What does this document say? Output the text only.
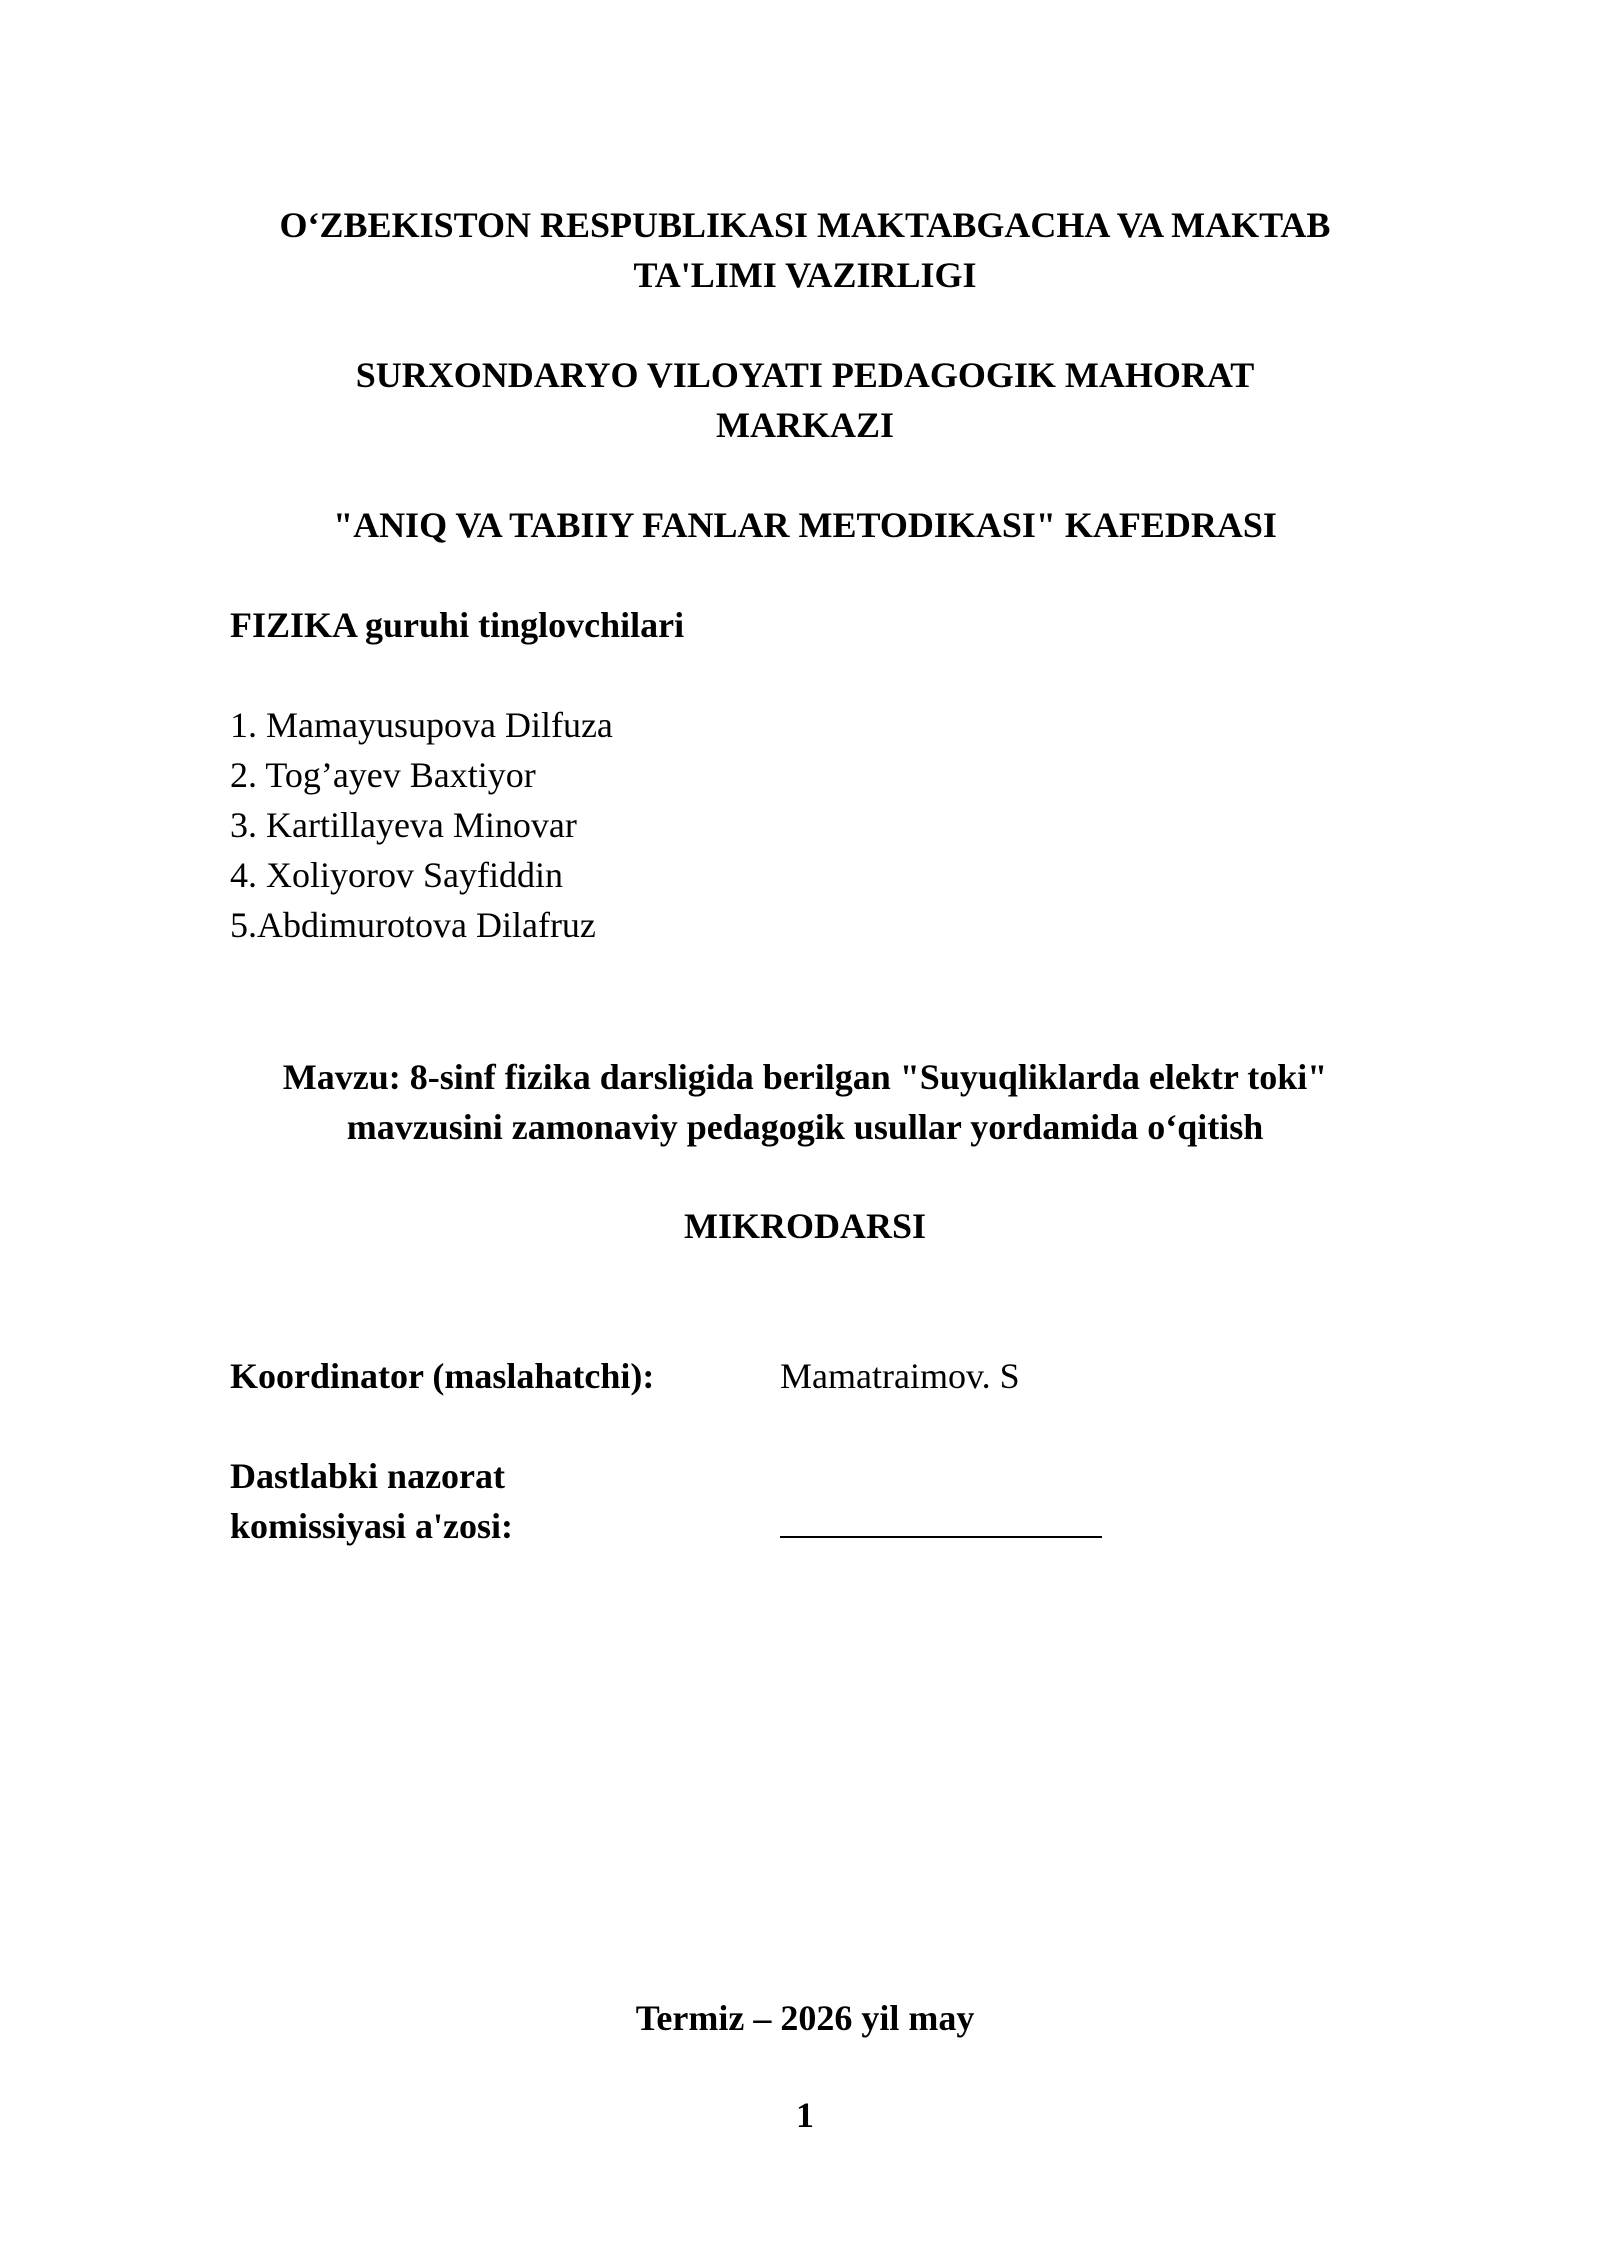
O‘ZBEKISTON RESPUBLIKASI MAKTABGACHA VA MAKTAB

TA'LIMI VAZIRLIGI

SURXONDARYO VILOYATI PEDAGOGIK MAHORAT

MARKAZI

"ANIQ VA TABIIY FANLAR METODIKASI" KAFEDRASI

FIZIKA guruhi tinglovchilari

1. Mamayusupova Dilfuza
2. Tog’ayev Baxtiyor
3. Kartillayeva Minovar
4. Xoliyorov Sayfiddin
5.Abdimurotova Dilafruz

Mavzu: 8-sinf fizika darsligida berilgan "Suyuqliklarda elektr toki"

mavzusini zamonaviy pedagogik usullar yordamida o‘qitish

MIKRODARSI

Koordinator (maslahatchi):	Mamatraimov. S

Dastlabki nazorat

komissiyasi a'zosi:

Termiz – 2026 yil may

1
